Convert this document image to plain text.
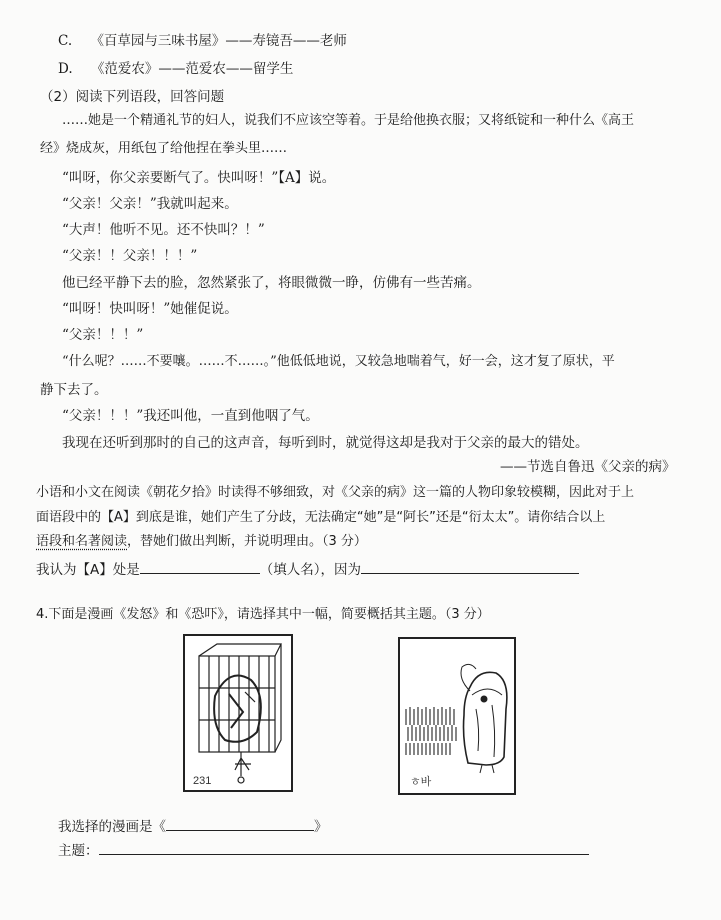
C. 《百草园与三味书屋》——寿镜吾——老师
D. 《范爱农》——范爱农——留学生
（2）阅读下列语段，回答问题
……她是一个精通礼节的妇人，说我们不应该空等着。于是给他换衣服；又将纸锭和一种什么《高王
经》烧成灰，用纸包了给他捏在拳头里……
“叫呀，你父亲要断气了。快叫呀！”【A】说。
“父亲！父亲！”我就叫起来。
“大声！他听不见。还不快叫？！”
“父亲！！父亲！！！”
他已经平静下去的脸，忽然紧张了，将眼微微一睁，仿佛有一些苦痛。
“叫呀！快叫呀！”她催促说。
“父亲！！！”
“什么呢？……不要嚷。……不……。”他低低地说，又较急地喘着气，好一会，这才复了原状，平
静下去了。
“父亲！！！”我还叫他，一直到他咽了气。
我现在还听到那时的自己的这声音，每听到时，就觉得这却是我对于父亲的最大的错处。
——节选自鲁迅《父亲的病》
小语和小文在阅读《朝花夕拾》时读得不够细致，对《父亲的病》这一篇的人物印象较模糊，因此对于上
面语段中的【A】到底是谁，她们产生了分歧，无法确定“她”是“阿长”还是“衍太太”。请你结合以上
语段和名著阅读，替她们做出判断，并说明理由。（3 分）
我认为【A】处是	（填人名），因为
4.下面是漫画《发怒》和《恐吓》，请选择其中一幅，简要概括其主题。（3 分）
231	ㅎ바
我选择的漫画是《	》
主题：
